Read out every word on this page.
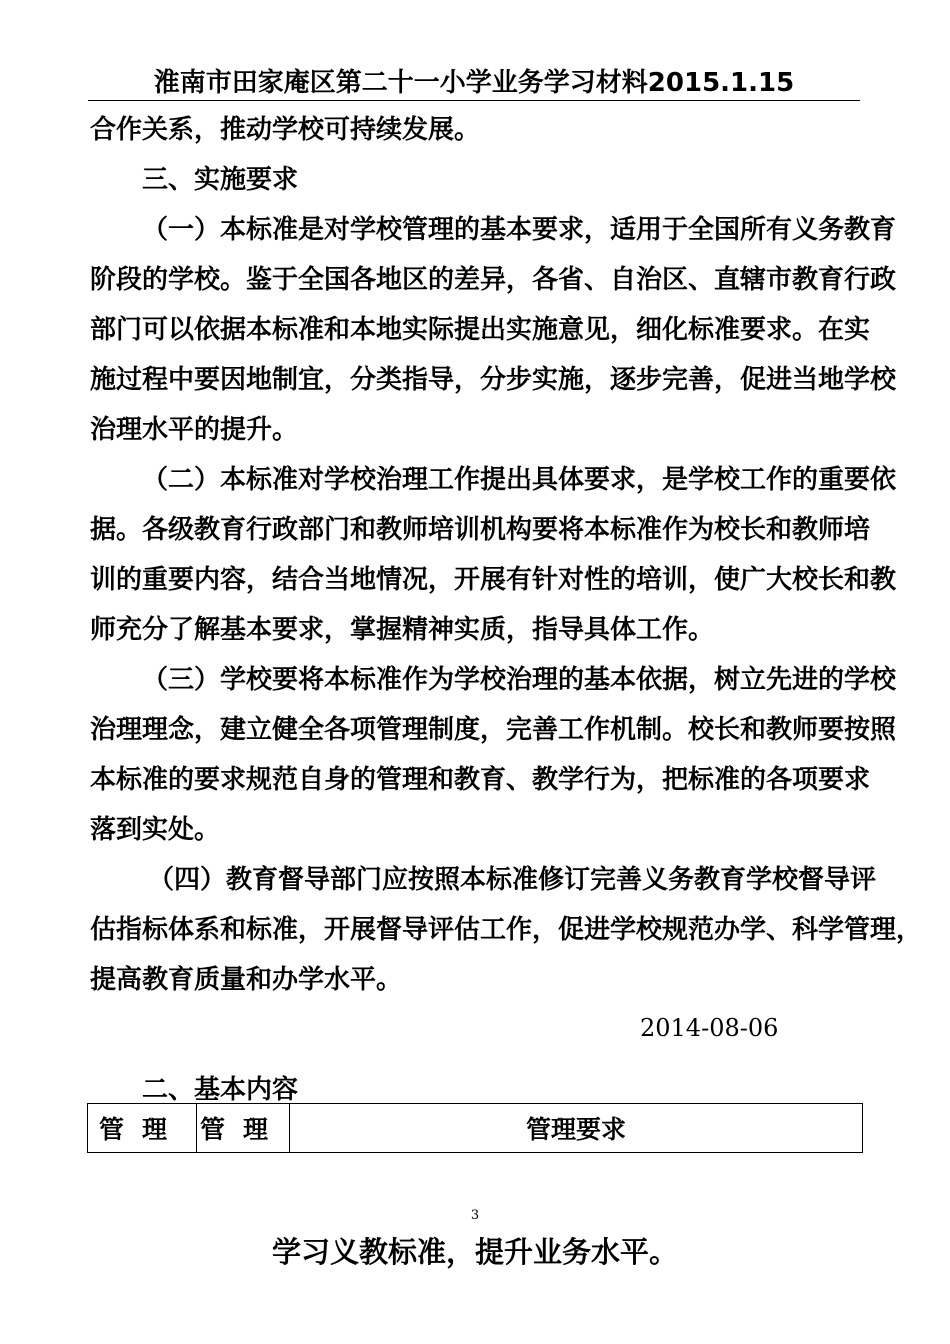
淮南市田家庵区第二十一小学业务学习材料2015.1.15
合作关系，推动学校可持续发展。
三、实施要求
（一）本标准是对学校管理的基本要求，适用于全国所有义务教育
阶段的学校。鉴于全国各地区的差异，各省、自治区、直辖市教育行政
部门可以依据本标准和本地实际提出实施意见，细化标准要求。在实
施过程中要因地制宜，分类指导，分步实施，逐步完善，促进当地学校
治理水平的提升。
（二）本标准对学校治理工作提出具体要求，是学校工作的重要依
据。各级教育行政部门和教师培训机构要将本标准作为校长和教师培
训的重要内容，结合当地情况，开展有针对性的培训，使广大校长和教
师充分了解基本要求，掌握精神实质，指导具体工作。
（三）学校要将本标准作为学校治理的基本依据，树立先进的学校
治理理念，建立健全各项管理制度，完善工作机制。校长和教师要按照
本标准的要求规范自身的管理和教育、教学行为，把标准的各项要求
落到实处。
（四）教育督导部门应按照本标准修订完善义务教育学校督导评
估指标体系和标准，开展督导评估工作，促进学校规范办学、科学管理，
提高教育质量和办学水平。
2014-08-06
二、基本内容
管理	管理	管理要求
3
学习义教标准，提升业务水平。
